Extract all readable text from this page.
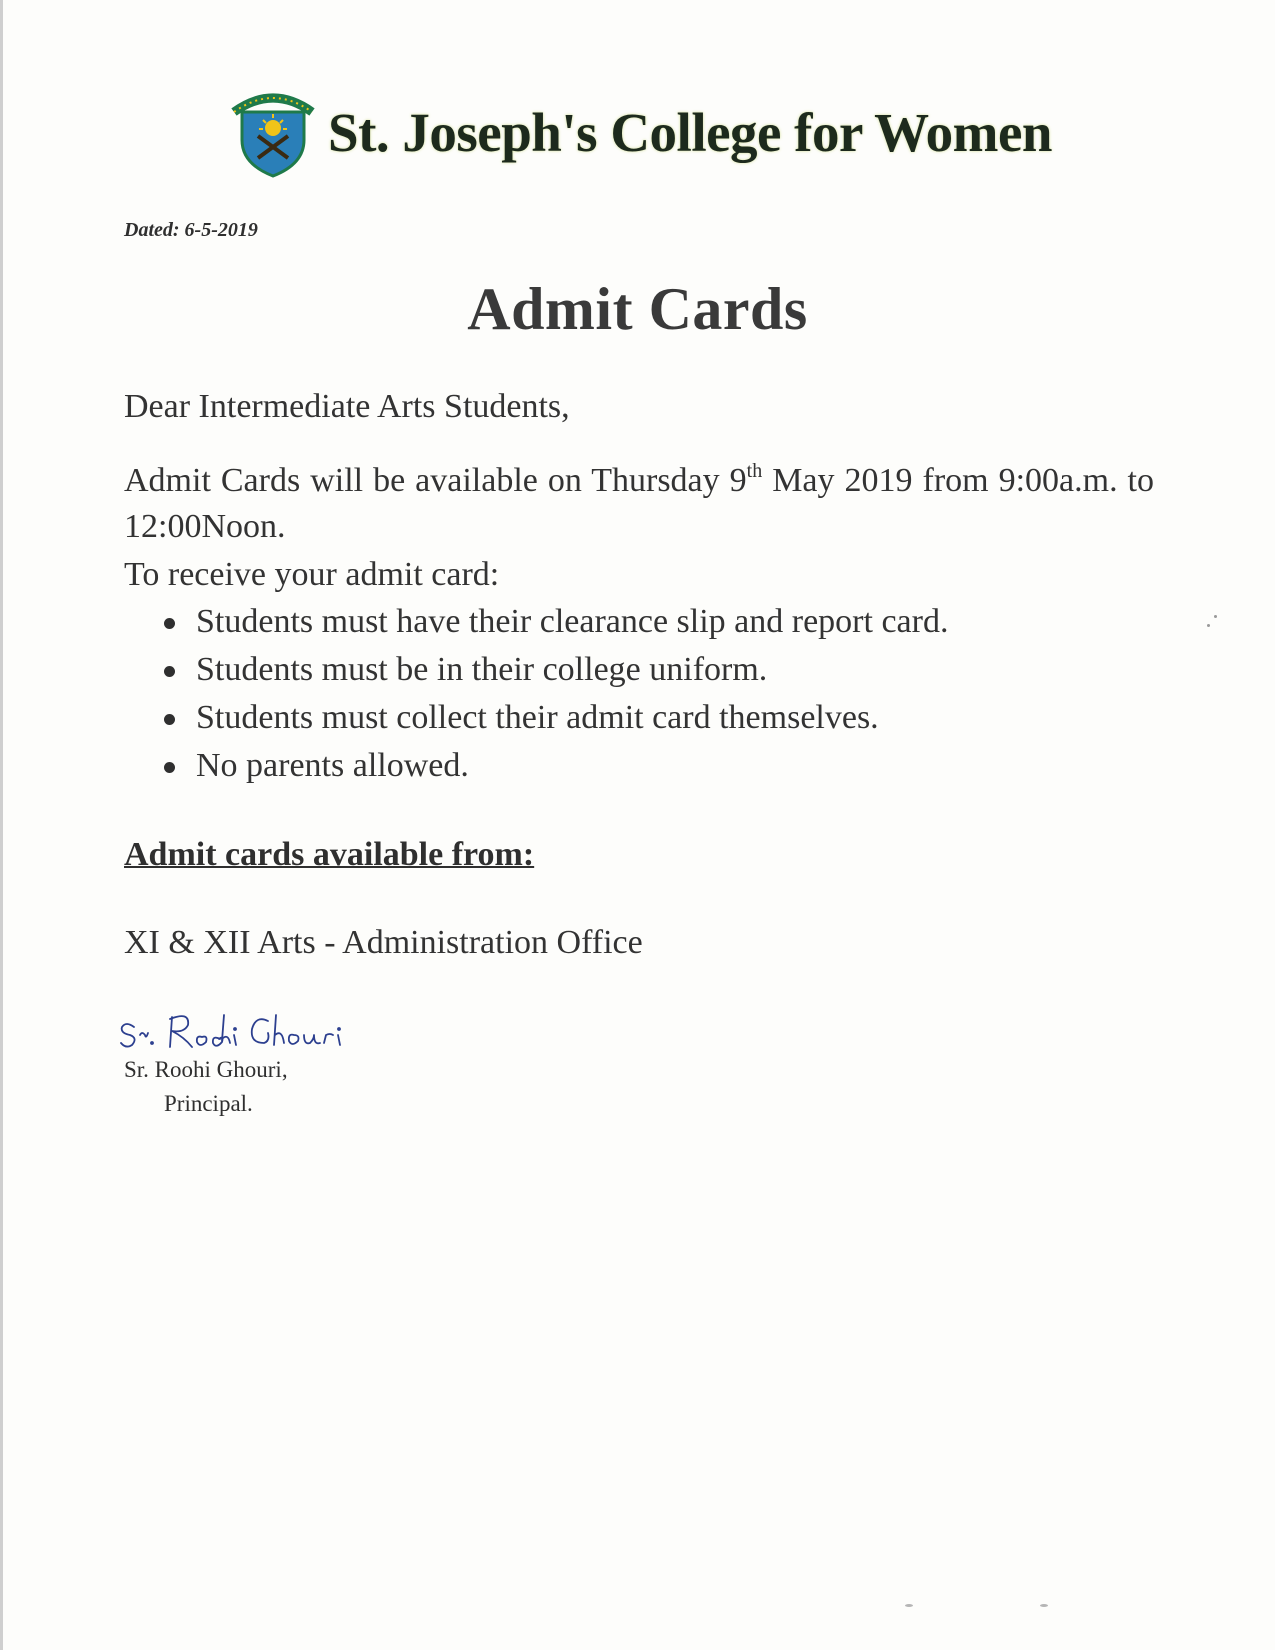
St. Joseph's College for Women
Dated: 6-5-2019
Admit Cards
Dear Intermediate Arts Students,
Admit Cards will be available on Thursday 9th May 2019 from 9:00a.m. to 12:00Noon.
To receive your admit card:
Students must have their clearance slip and report card.
Students must be in their college uniform.
Students must collect their admit card themselves.
No parents allowed.
Admit cards available from:
XI & XII Arts - Administration Office
Sr. Roohi Ghouri,
Principal.
